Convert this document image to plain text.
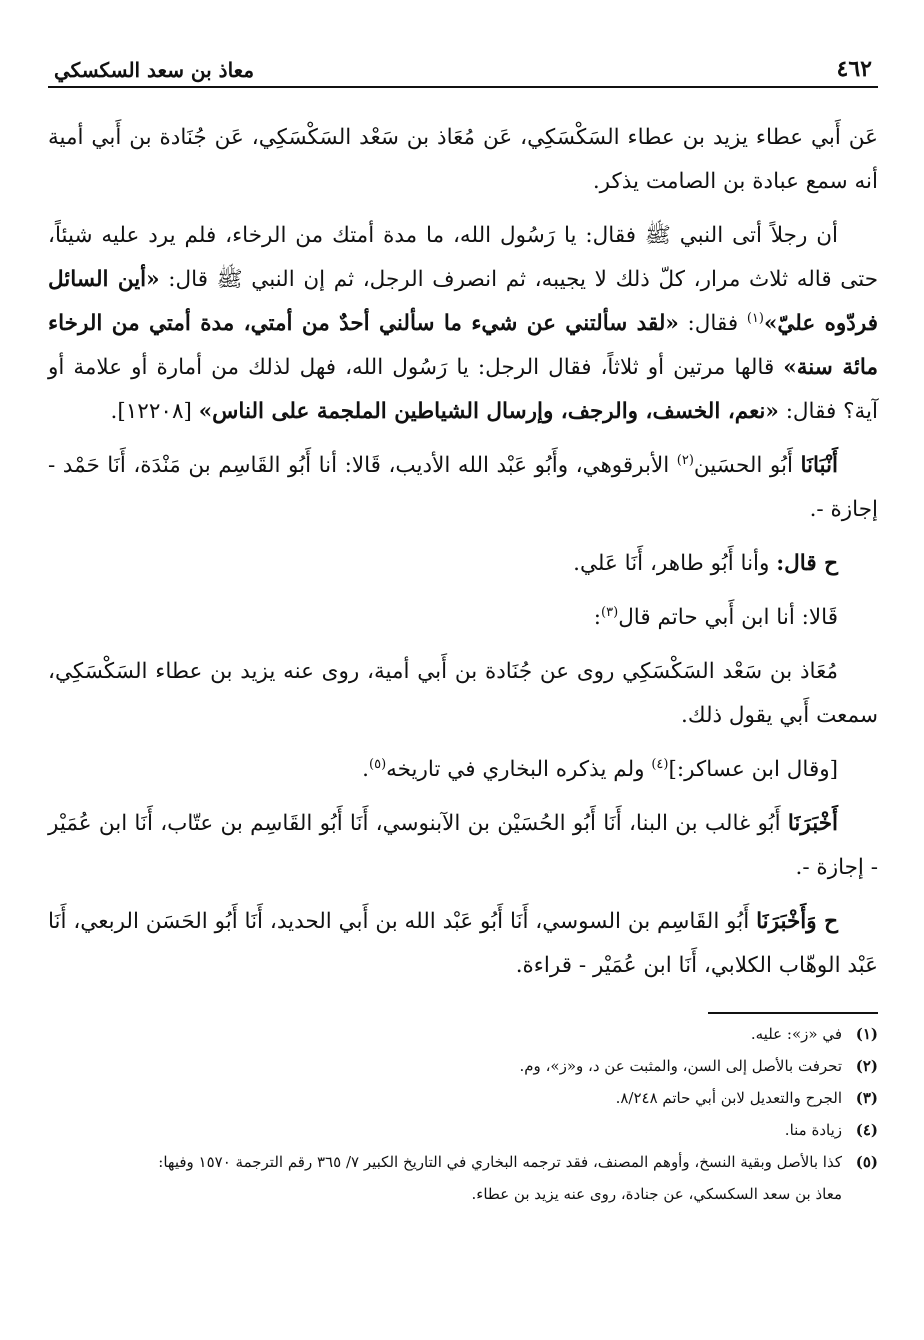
٤٦٢
معاذ بن سعد السكسكي

عَن أَبي عطاء يزيد بن عطاء السَكْسَكِي، عَن مُعَاذ بن سَعْد السَكْسَكِي، عَن جُنَادة بن أَبي أمية أنه سمع عبادة بن الصامت يذكر.

أن رجلاً أتى النبي ﷺ فقال: يا رَسُول الله، ما مدة أمتك من الرخاء، فلم يرد عليه شيئاً، حتى قاله ثلاث مرار، كلّ ذلك لا يجيبه، ثم انصرف الرجل، ثم إن النبي ﷺ قال: «أين السائل فردّوه عليّ»$^{(١)}$ فقال: «لقد سألتني عن شيء ما سألني أحدٌ من أمتي، مدة أمتي من الرخاء مائة سنة» قالها مرتين أو ثلاثاً، فقال الرجل: يا رَسُول الله، فهل لذلك من أمارة أو علامة أو آية؟ فقال: «نعم، الخسف، والرجف، وإرسال الشياطين الملجمة على الناس» [١٢٢٠٨].

أَنْبَانَا أَبُو الحسَين$^{(٢)}$ الأبرقوهي، وأَبُو عَبْد الله الأديب، قَالا: أنا أَبُو القَاسِم بن مَنْدَة، أَنَا حَمْد - إجازة -.

ح قال: وأنا أَبُو طاهر، أَنَا عَلي.

قَالا: أنا ابن أَبي حاتم قال$^{(٣)}$:

مُعَاذ بن سَعْد السَكْسَكِي روى عن جُنَادة بن أَبي أمية، روى عنه يزيد بن عطاء السَكْسَكِي، سمعت أَبي يقول ذلك.

[وقال ابن عساكر:]$^{(٤)}$ ولم يذكره البخاري في تاريخه$^{(٥)}$.

أَخْبَرَنَا أَبُو غالب بن البنا، أَنَا أَبُو الحُسَيْن بن الآبنوسي، أَنَا أَبُو القَاسِم بن عتّاب، أَنَا ابن عُمَيْر - إجازة -.

ح وَأَخْبَرَنَا أَبُو القَاسِم بن السوسي، أَنَا أَبُو عَبْد الله بن أَبي الحديد، أَنَا أَبُو الحَسَن الربعي، أَنَا عَبْد الوهّاب الكلابي، أَنَا ابن عُمَيْر - قراءة.

(١)
في «ز»: عليه.
(٢)
تحرفت بالأصل إلى السن، والمثبت عن د، و«ز»، وم.
(٣)
الجرح والتعديل لابن أبي حاتم ٨/٢٤٨.
(٤)
زيادة منا.
(٥)
كذا بالأصل وبقية النسخ، وأوهم المصنف، فقد ترجمه البخاري في التاريخ الكبير ٧/ ٣٦٥ رقم الترجمة ١٥٧٠ وفيها:
معاذ بن سعد السكسكي، عن جنادة، روى عنه يزيد بن عطاء.
